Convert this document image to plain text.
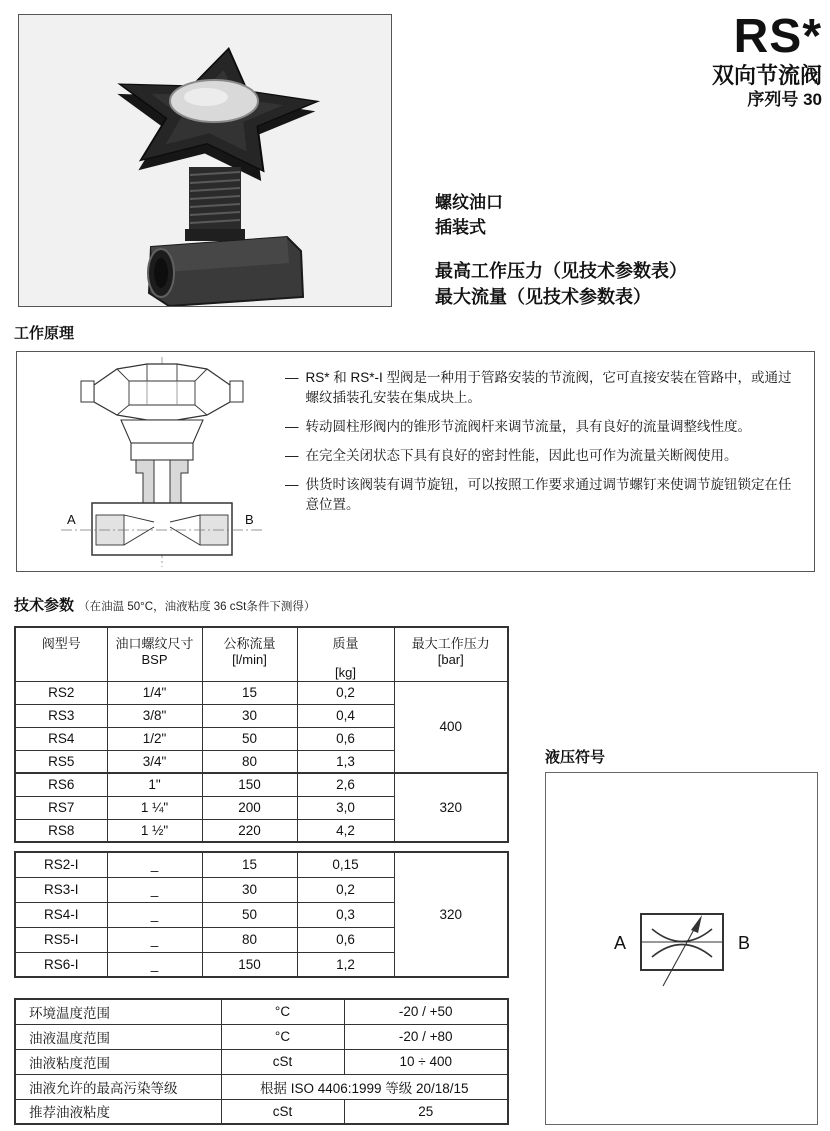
RS*
双向节流阀
序列号 30
螺纹油口
插装式
最高工作压力（见技术参数表）
最大流量（见技术参数表）
工作原理
A	B
— RS* 和 RS*-I 型阀是一种用于管路安装的节流阀，它可直接安装在管路中，或通过螺纹插装孔安装在集成块上。
— 转动圆柱形阀内的锥形节流阀杆来调节流量，具有良好的流量调整线性度。
— 在完全关闭状态下具有良好的密封性能，因此也可作为流量关断阀使用。
— 供货时该阀装有调节旋钮，可以按照工作要求通过调节螺钉来使调节旋钮锁定在任意位置。
技术参数 （在油温 50°C，油液粘度 36 cSt条件下测得）
阀型号	油口螺纹尺寸
BSP

公称流量
[l/min]

质量
[kg]

最大工作压力
[bar]

RS2	1/4"	15	0,2	400
RS3	3/8"	30	0,4	
RS4	1/2"	50	0,6	
RS5	3/4"	80	1,3	
RS6	1"	150	2,6	320
RS7	1 ¼"	200	3,0	
RS8	1 ½"	220	4,2	
RS2-I	_	15	0,15	320
RS3-I	_	30	0,2	
RS4-I	_	50	0,3	
RS5-I	_	80	0,6	
RS6-I	_	150	1,2	
环境温度范围	°C	-20 / +50
油液温度范围	°C	-20 / +80
油液粘度范围	cSt	10 ÷ 400
油液允许的最高污染等级	根据 ISO 4406:1999 等级 20/18/15	
推荐油液粘度	cSt	25
液压符号
A	B
